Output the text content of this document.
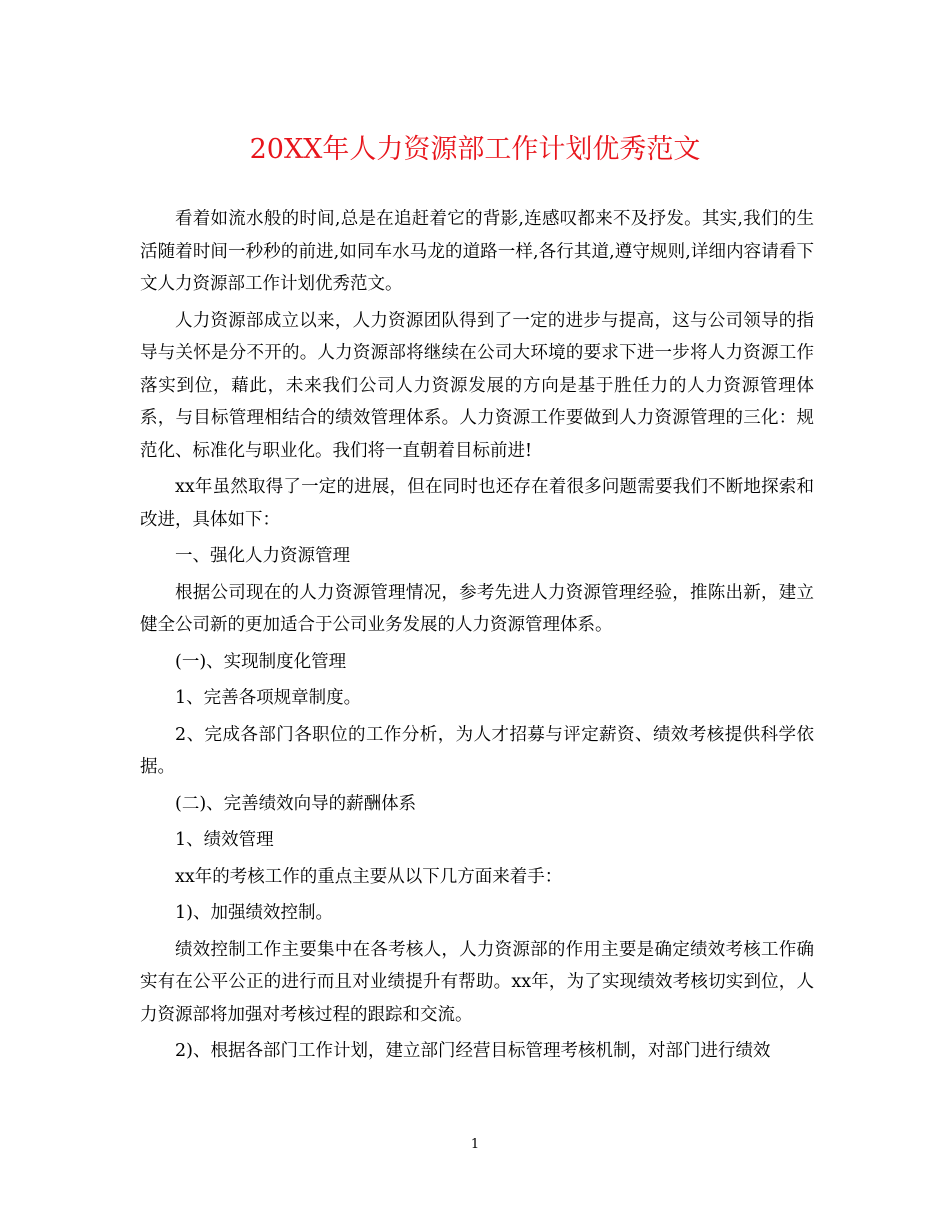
20XX年人力资源部工作计划优秀范文

看着如流水般的时间,总是在追赶着它的背影,连感叹都来不及抒发。其实,我们的生活随着时间一秒秒的前进,如同车水马龙的道路一样,各行其道,遵守规则,详细内容请看下文人力资源部工作计划优秀范文。

人力资源部成立以来，人力资源团队得到了一定的进步与提高，这与公司领导的指导与关怀是分不开的。人力资源部将继续在公司大环境的要求下进一步将人力资源工作落实到位，藉此，未来我们公司人力资源发展的方向是基于胜任力的人力资源管理体系，与目标管理相结合的绩效管理体系。人力资源工作要做到人力资源管理的三化：规范化、标准化与职业化。我们将一直朝着目标前进!

xx年虽然取得了一定的进展，但在同时也还存在着很多问题需要我们不断地探索和改进，具体如下：

一、强化人力资源管理

根据公司现在的人力资源管理情况，参考先进人力资源管理经验，推陈出新，建立健全公司新的更加适合于公司业务发展的人力资源管理体系。

(一)、实现制度化管理

1、完善各项规章制度。

2、完成各部门各职位的工作分析，为人才招募与评定薪资、绩效考核提供科学依据。

(二)、完善绩效向导的薪酬体系

1、绩效管理

xx年的考核工作的重点主要从以下几方面来着手：

1)、加强绩效控制。

绩效控制工作主要集中在各考核人，人力资源部的作用主要是确定绩效考核工作确实有在公平公正的进行而且对业绩提升有帮助。xx年，为了实现绩效考核切实到位，人力资源部将加强对考核过程的跟踪和交流。

2)、根据各部门工作计划，建立部门经营目标管理考核机制，对部门进行绩效

1
